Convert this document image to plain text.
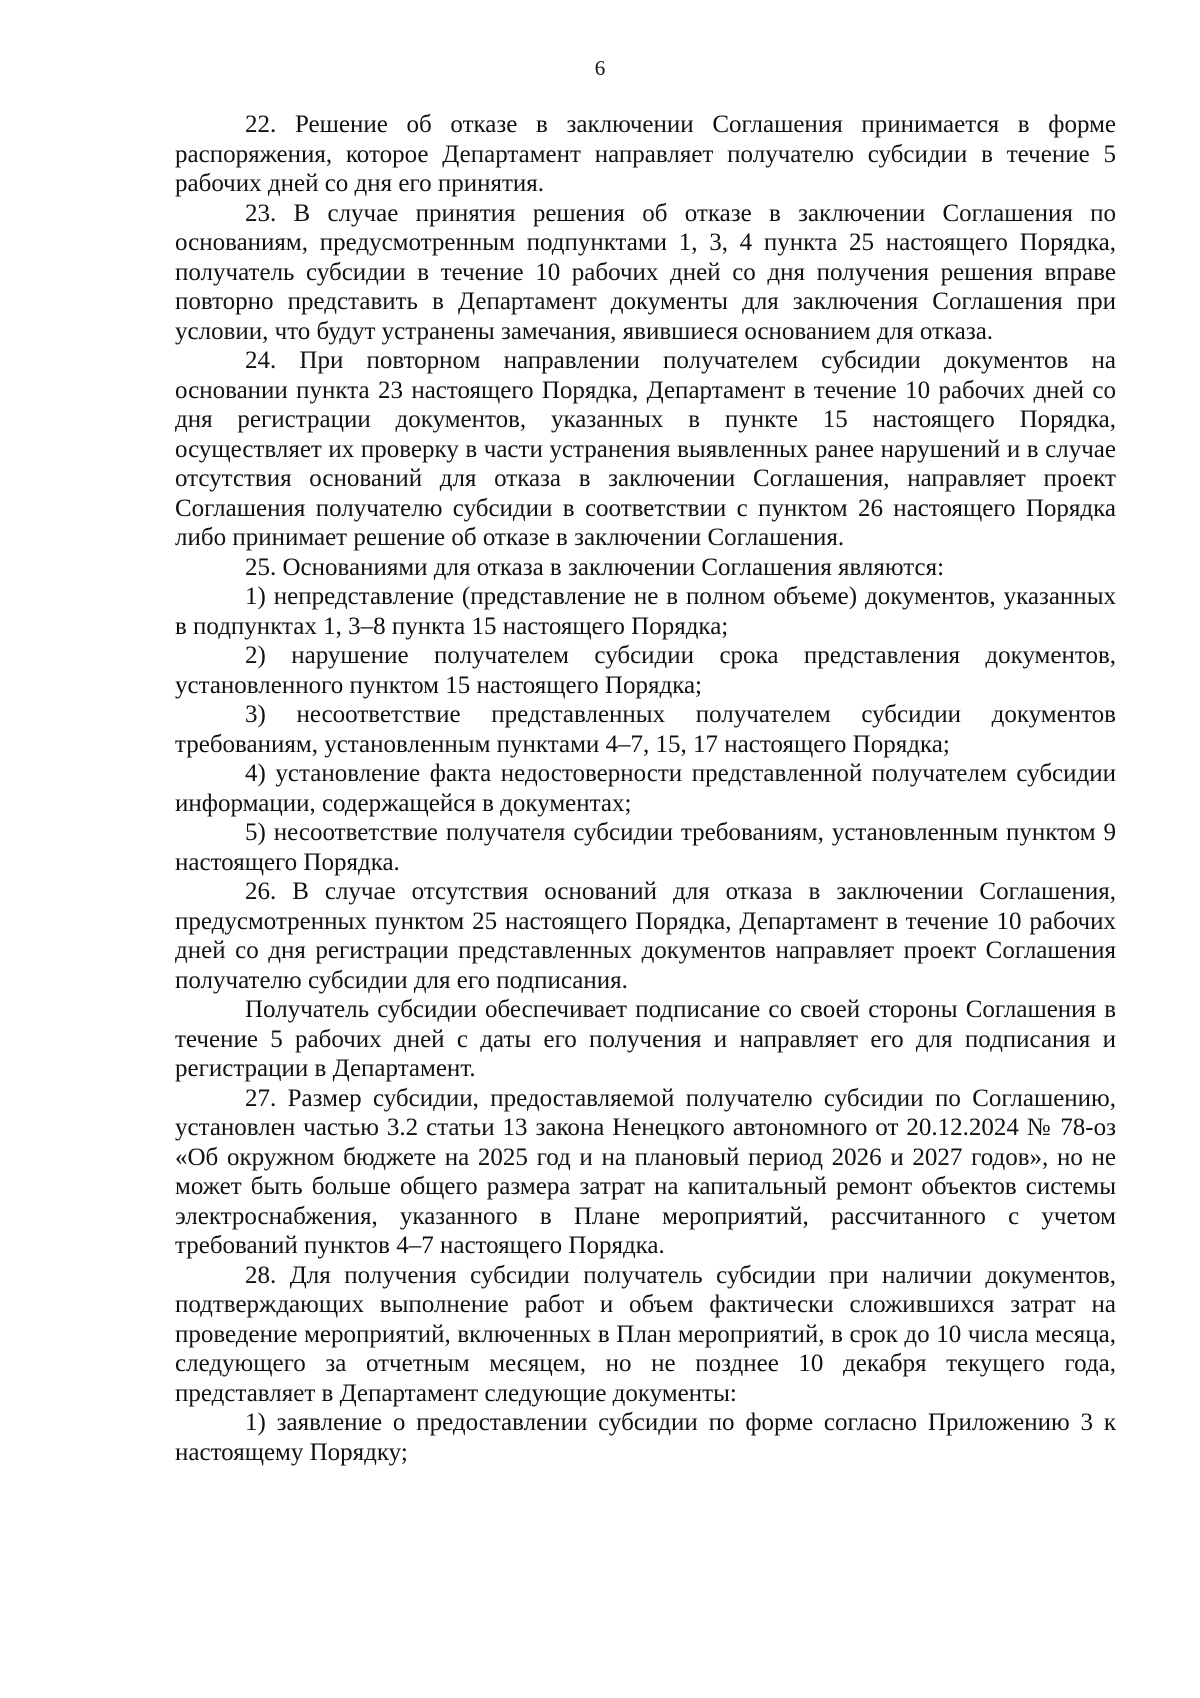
6

22. Решение об отказе в заключении Соглашения принимается в форме распоряжения, которое Департамент направляет получателю субсидии в течение 5 рабочих дней со дня его принятия.

23. В случае принятия решения об отказе в заключении Соглашения по основаниям, предусмотренным подпунктами 1, 3, 4 пункта 25 настоящего Порядка, получатель субсидии в течение 10 рабочих дней со дня получения решения вправе повторно представить в Департамент документы для заключения Соглашения при условии, что будут устранены замечания, явившиеся основанием для отказа.

24. При повторном направлении получателем субсидии документов на основании пункта 23 настоящего Порядка, Департамент в течение 10 рабочих дней со дня регистрации документов, указанных в пункте 15 настоящего Порядка, осуществляет их проверку в части устранения выявленных ранее нарушений и в случае отсутствия оснований для отказа в заключении Соглашения, направляет проект Соглашения получателю субсидии в соответствии с пунктом 26 настоящего Порядка либо принимает решение об отказе в заключении Соглашения.

25. Основаниями для отказа в заключении Соглашения являются:

1) непредставление (представление не в полном объеме) документов, указанных в подпунктах 1, 3–8 пункта 15 настоящего Порядка;

2) нарушение получателем субсидии срока представления документов, установленного пунктом 15 настоящего Порядка;

3) несоответствие представленных получателем субсидии документов требованиям, установленным пунктами 4–7, 15, 17 настоящего Порядка;

4) установление факта недостоверности представленной получателем субсидии информации, содержащейся в документах;

5) несоответствие получателя субсидии требованиям, установленным пунктом 9 настоящего Порядка.

26. В случае отсутствия оснований для отказа в заключении Соглашения, предусмотренных пунктом 25 настоящего Порядка, Департамент в течение 10 рабочих дней со дня регистрации представленных документов направляет проект Соглашения получателю субсидии для его подписания.

Получатель субсидии обеспечивает подписание со своей стороны Соглашения в течение 5 рабочих дней с даты его получения и направляет его для подписания и регистрации в Департамент.

27. Размер субсидии, предоставляемой получателю субсидии по Соглашению, установлен частью 3.2 статьи 13 закона Ненецкого автономного от 20.12.2024 № 78-оз «Об окружном бюджете на 2025 год и на плановый период 2026 и 2027 годов», но не может быть больше общего размера затрат на капитальный ремонт объектов системы электроснабжения, указанного в Плане мероприятий, рассчитанного с учетом требований пунктов 4–7 настоящего Порядка.

28. Для получения субсидии получатель субсидии при наличии документов, подтверждающих выполнение работ и объем фактически сложившихся затрат на проведение мероприятий, включенных в План мероприятий, в срок до 10 числа месяца, следующего за отчетным месяцем, но не позднее 10 декабря текущего года, представляет в Департамент следующие документы:

1) заявление о предоставлении субсидии по форме согласно Приложению 3 к настоящему Порядку;
